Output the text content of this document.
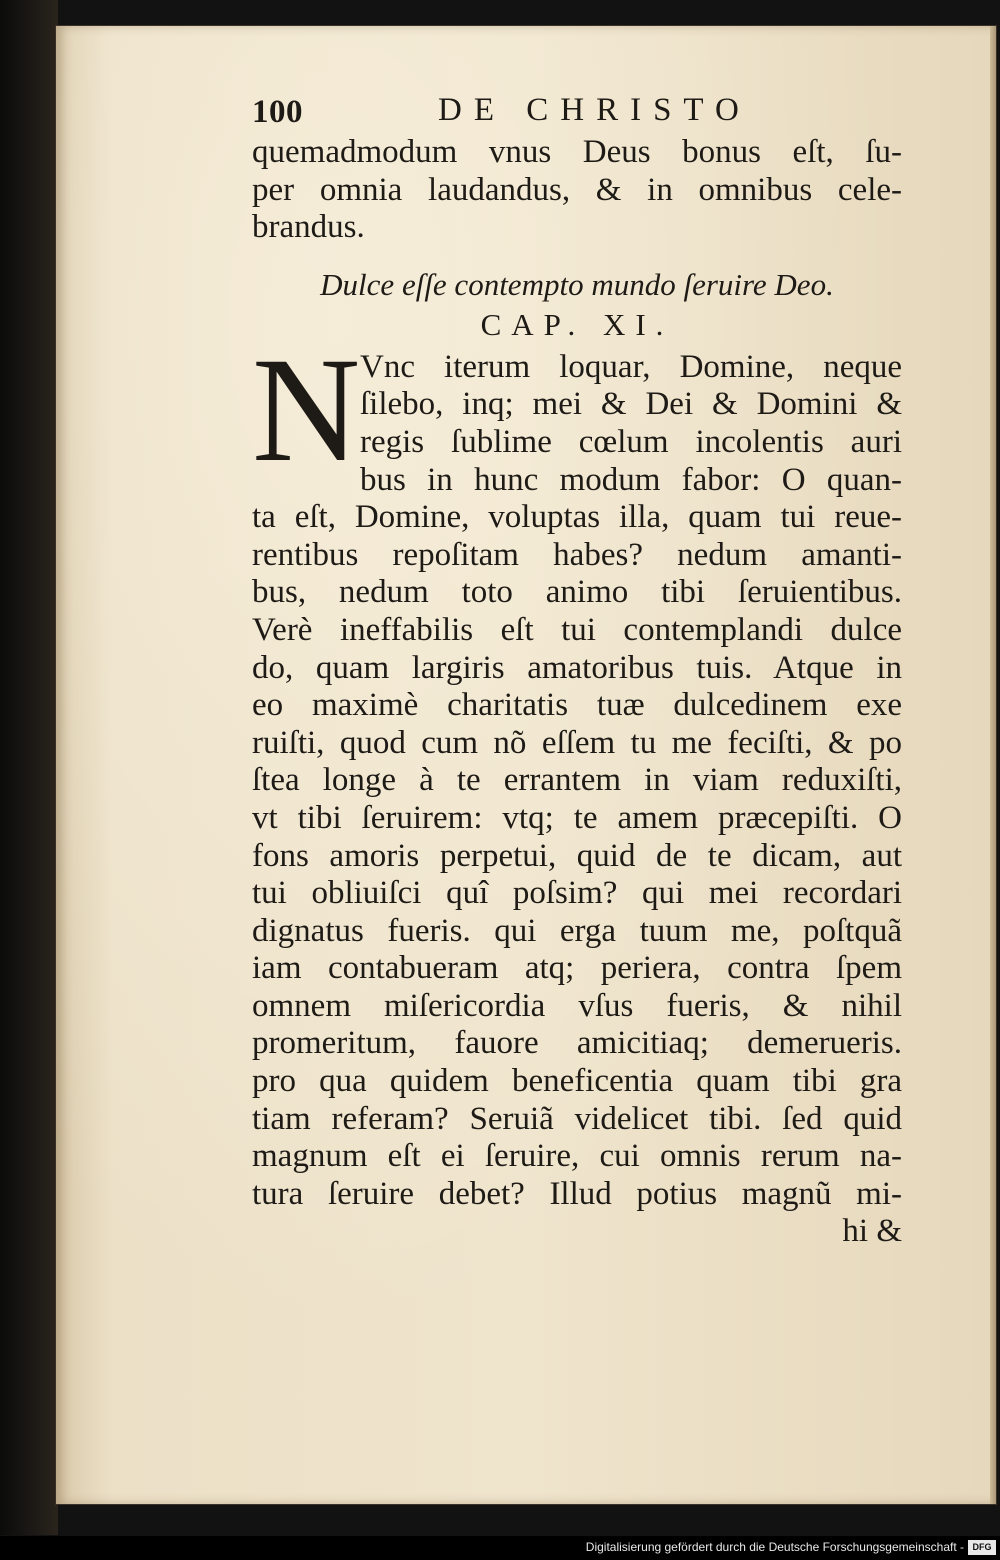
100	DE CHRISTO
quemadmodum vnus Deus bonus eſt, ſu-
per omnia laudandus, & in omnibus cele-
brandus.
Dulce eſſe contempto mundo ſeruire Deo.
CAP. XI.
N Vnc iterum loquar, Domine, neque
ſilebo, inq; mei & Dei & Domini &
regis ſublime cœlum incolentis auri
bus in hunc modum fabor: O quan-
ta eſt, Domine, voluptas illa, quam tui reue-
rentibus repoſitam habes? nedum amanti-
bus, nedum toto animo tibi ſeruientibus.
Verè ineffabilis eſt tui contemplandi dulce
do, quam largiris amatoribus tuis. Atque in
eo maximè charitatis tuæ dulcedinem exe
ruiſti, quod cum nõ eſſem tu me feciſti, & po
ſtea longe à te errantem in viam reduxiſti,
vt tibi ſeruirem: vtq; te amem præcepiſti. O
fons amoris perpetui, quid de te dicam, aut
tui obliuiſci quî poſsim? qui mei recordari
dignatus fueris. qui erga tuum me, poſtquã
iam contabueram atq; periera, contra ſpem
omnem miſericordia vſus fueris, & nihil
promeritum, fauore amicitiaq; demerueris.
pro qua quidem beneficentia quam tibi gra
tiam referam? Seruiã videlicet tibi. ſed quid
magnum eſt ei ſeruire, cui omnis rerum na-
tura ſeruire debet? Illud potius magnũ mi-
hi &
Digitalisierung gefördert durch die Deutsche Forschungsgemeinschaft - DFG
